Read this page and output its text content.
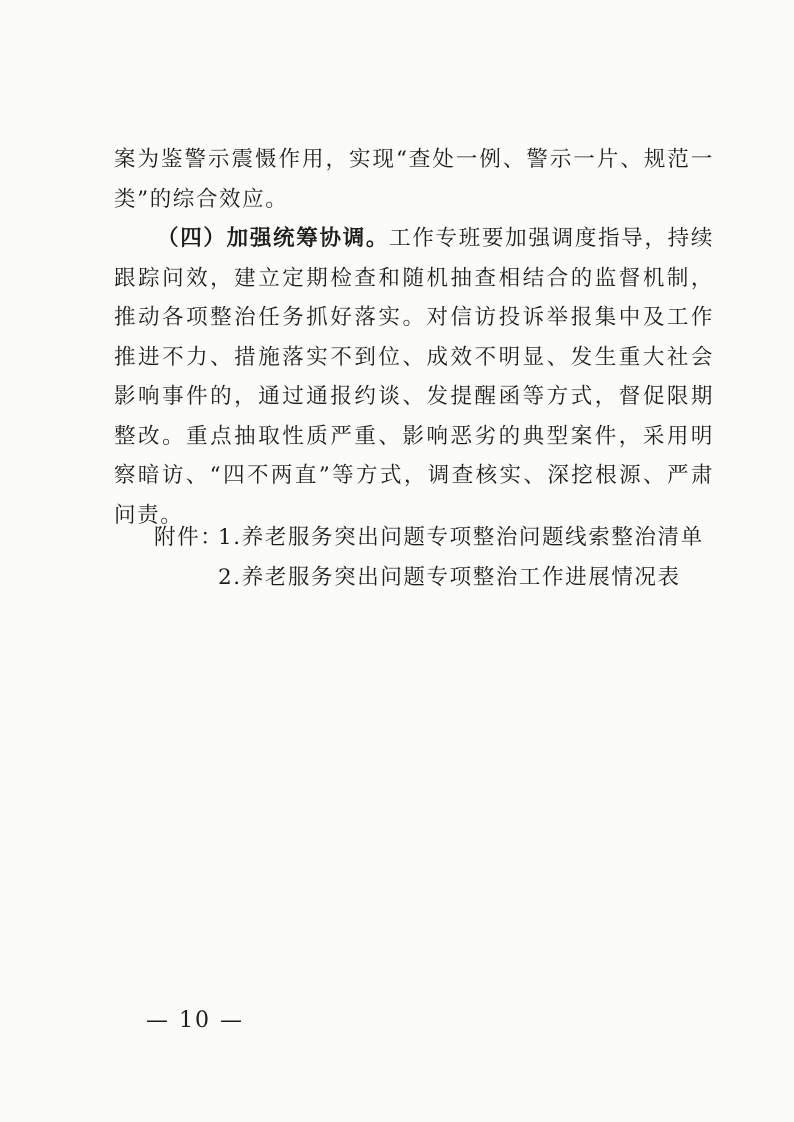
案为鉴警示震慑作用，实现“查处一例、警示一片、规范一类”的综合效应。

（四）加强统筹协调。工作专班要加强调度指导，持续跟踪问效，建立定期检查和随机抽查相结合的监督机制，推动各项整治任务抓好落实。对信访投诉举报集中及工作推进不力、措施落实不到位、成效不明显、发生重大社会影响事件的，通过通报约谈、发提醒函等方式，督促限期整改。重点抽取性质严重、影响恶劣的典型案件，采用明察暗访、“四不两直”等方式，调查核实、深挖根源、严肃问责。

附件：1.养老服务突出问题专项整治问题线索整治清单
2.养老服务突出问题专项整治工作进展情况表
— 10 —
